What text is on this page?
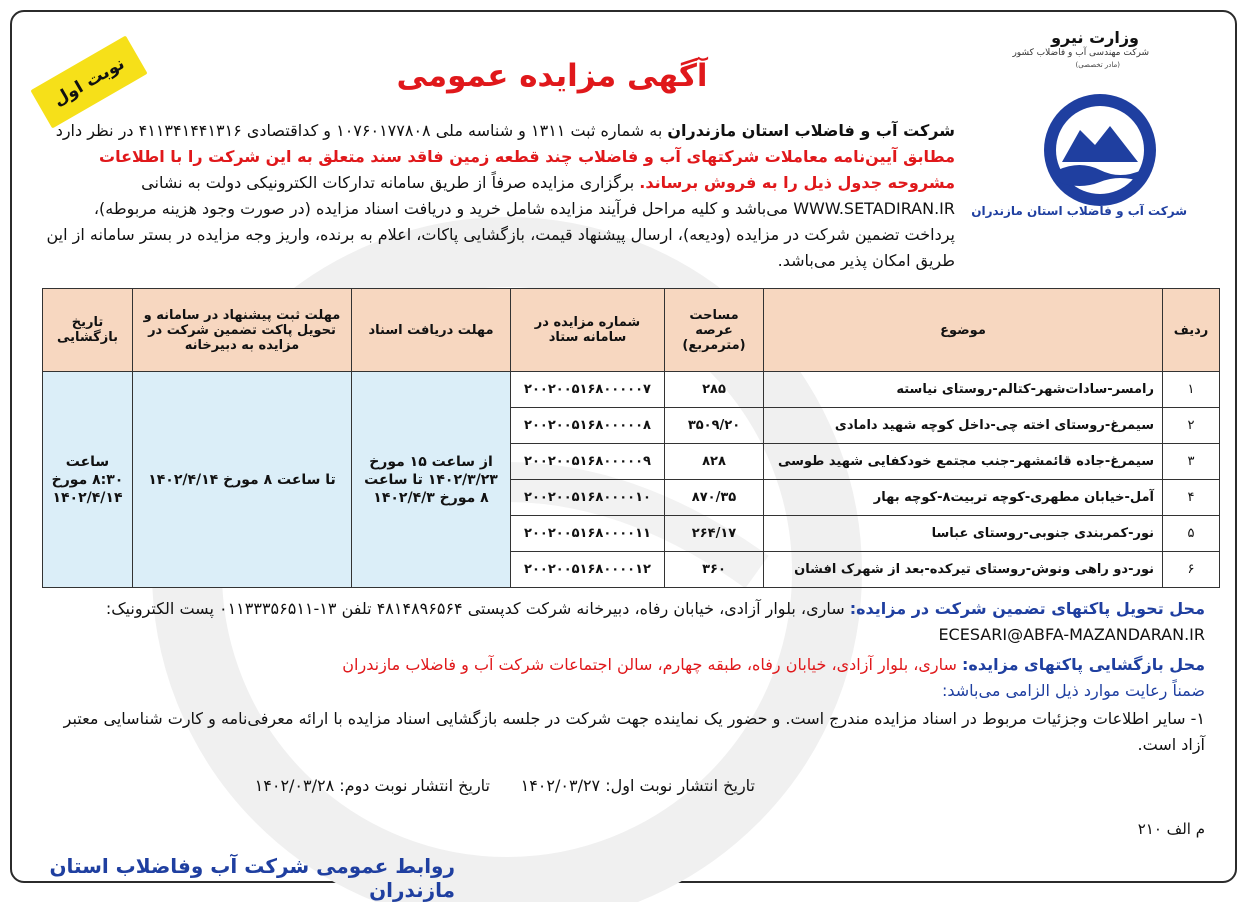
وزارت نیرو
شرکت مهندسی آب و فاضلاب کشور
(مادر تخصصی)
شرکت آب و فاضلاب استان مازندران
آگهی مزایده عمومی
نوبت اول
شرکت آب و فاضلاب استان مازندران به شماره ثبت ۱۳۱۱ و شناسه ملی ۱۰۷۶۰۱۷۷۸۰۸ و کداقتصادی ۴۱۱۳۴۱۴۴۱۳۱۶ در نظر دارد مطابق آیین‌نامه معاملات شرکتهای آب و فاضلاب چند قطعه زمین فاقد سند متعلق به این شرکت را با اطلاعات مشروحه جدول ذیل را به فروش برساند. برگزاری مزایده صرفاً از طریق سامانه تدارکات الکترونیکی دولت به نشانی WWW.SETADIRAN.IR می‌باشد و کلیه مراحل فرآیند مزایده شامل خرید و دریافت اسناد مزایده (در صورت وجود هزینه مربوطه)، پرداخت تضمین شرکت در مزایده (ودیعه)، ارسال پیشنهاد قیمت، بازگشایی پاکات، اعلام به برنده، واریز وجه مزایده در بستر سامانه از این طریق امکان پذیر می‌باشد.
ردیف	موضوع	مساحت عرصه (مترمربع)	شماره مزایده در سامانه ستاد	مهلت دریافت اسناد	مهلت ثبت پیشنهاد در سامانه و تحویل پاکت تضمین شرکت در مزایده به دبیرخانه	تاریخ بازگشایی
۱	رامسر-سادات‌شهر-کتالم-روستای نیاسته	۲۸۵	۲۰۰۲۰۰۵۱۶۸۰۰۰۰۰۷	از ساعت ۱۵ مورخ ۱۴۰۲/۳/۲۳ تا ساعت ۸ مورخ ۱۴۰۲/۴/۳	تا ساعت ۸ مورخ ۱۴۰۲/۴/۱۴	ساعت ۸:۳۰ مورخ ۱۴۰۲/۴/۱۴
۲	سیمرغ-روستای اخته چی-داخل کوچه شهید دامادی	۳۵۰۹/۲۰	۲۰۰۲۰۰۵۱۶۸۰۰۰۰۰۸			
۳	سیمرغ-جاده قائمشهر-جنب مجتمع خودکفایی شهید طوسی	۸۲۸	۲۰۰۲۰۰۵۱۶۸۰۰۰۰۰۹			
۴	آمل-خیابان مطهری-کوچه تربیت۸-کوچه بهار	۸۷۰/۳۵	۲۰۰۲۰۰۵۱۶۸۰۰۰۰۱۰			
۵	نور-کمربندی جنوبی-روستای عباسا	۲۶۴/۱۷	۲۰۰۲۰۰۵۱۶۸۰۰۰۰۱۱			
۶	نور-دو راهی ونوش-روستای تیرکده-بعد از شهرک افشان	۳۶۰	۲۰۰۲۰۰۵۱۶۸۰۰۰۰۱۲			
محل تحویل پاکتهای تضمین شرکت در مزایده: ساری، بلوار آزادی، خیابان رفاه، دبیرخانه شرکت کدپستی ۴۸۱۴۸۹۶۵۶۴ تلفن ۱۳-۰۱۱۳۳۳۵۶۵۱۱ پست الکترونیک:
ECESARI@ABFA-MAZANDARAN.IR
محل بازگشایی پاکتهای مزایده: ساری، بلوار آزادی، خیابان رفاه، طبقه چهارم، سالن اجتماعات شرکت آب و فاضلاب مازندران
ضمناً رعایت موارد ذیل الزامی می‌باشد:
۱- سایر اطلاعات وجزئیات مربوط در اسناد مزایده مندرج است. و حضور یک نماینده جهت شرکت در جلسه بازگشایی اسناد مزایده با ارائه معرفی‌نامه و کارت شناسایی معتبر آزاد است.
تاریخ انتشار نوبت اول: ۱۴۰۲/۰۳/۲۷
تاریخ انتشار نوبت دوم: ۱۴۰۲/۰۳/۲۸
م الف ۲۱۰
روابط عمومی شرکت آب وفاضلاب استان مازندران
